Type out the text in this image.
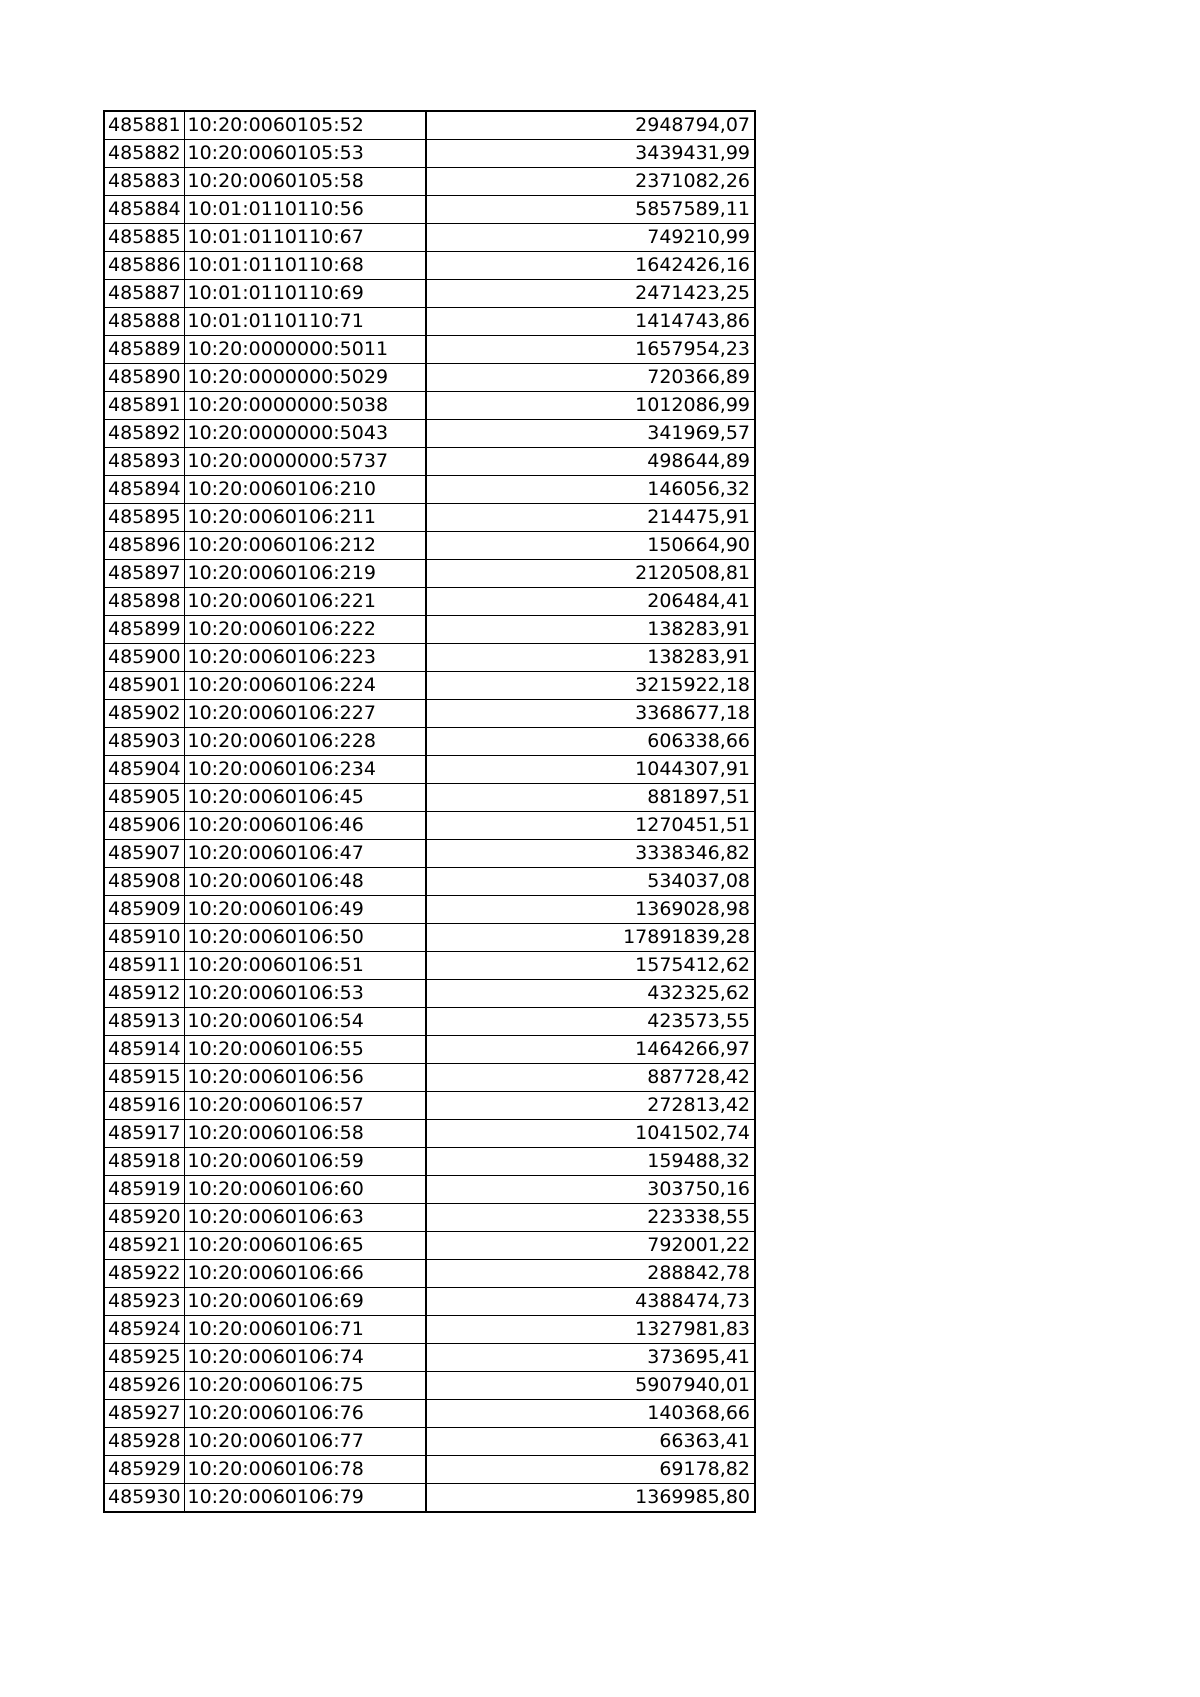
485881	10:20:0060105:52	2948794,07
485882	10:20:0060105:53	3439431,99
485883	10:20:0060105:58	2371082,26
485884	10:01:0110110:56	5857589,11
485885	10:01:0110110:67	749210,99
485886	10:01:0110110:68	1642426,16
485887	10:01:0110110:69	2471423,25
485888	10:01:0110110:71	1414743,86
485889	10:20:0000000:5011	1657954,23
485890	10:20:0000000:5029	720366,89
485891	10:20:0000000:5038	1012086,99
485892	10:20:0000000:5043	341969,57
485893	10:20:0000000:5737	498644,89
485894	10:20:0060106:210	146056,32
485895	10:20:0060106:211	214475,91
485896	10:20:0060106:212	150664,90
485897	10:20:0060106:219	2120508,81
485898	10:20:0060106:221	206484,41
485899	10:20:0060106:222	138283,91
485900	10:20:0060106:223	138283,91
485901	10:20:0060106:224	3215922,18
485902	10:20:0060106:227	3368677,18
485903	10:20:0060106:228	606338,66
485904	10:20:0060106:234	1044307,91
485905	10:20:0060106:45	881897,51
485906	10:20:0060106:46	1270451,51
485907	10:20:0060106:47	3338346,82
485908	10:20:0060106:48	534037,08
485909	10:20:0060106:49	1369028,98
485910	10:20:0060106:50	17891839,28
485911	10:20:0060106:51	1575412,62
485912	10:20:0060106:53	432325,62
485913	10:20:0060106:54	423573,55
485914	10:20:0060106:55	1464266,97
485915	10:20:0060106:56	887728,42
485916	10:20:0060106:57	272813,42
485917	10:20:0060106:58	1041502,74
485918	10:20:0060106:59	159488,32
485919	10:20:0060106:60	303750,16
485920	10:20:0060106:63	223338,55
485921	10:20:0060106:65	792001,22
485922	10:20:0060106:66	288842,78
485923	10:20:0060106:69	4388474,73
485924	10:20:0060106:71	1327981,83
485925	10:20:0060106:74	373695,41
485926	10:20:0060106:75	5907940,01
485927	10:20:0060106:76	140368,66
485928	10:20:0060106:77	66363,41
485929	10:20:0060106:78	69178,82
485930	10:20:0060106:79	1369985,80
